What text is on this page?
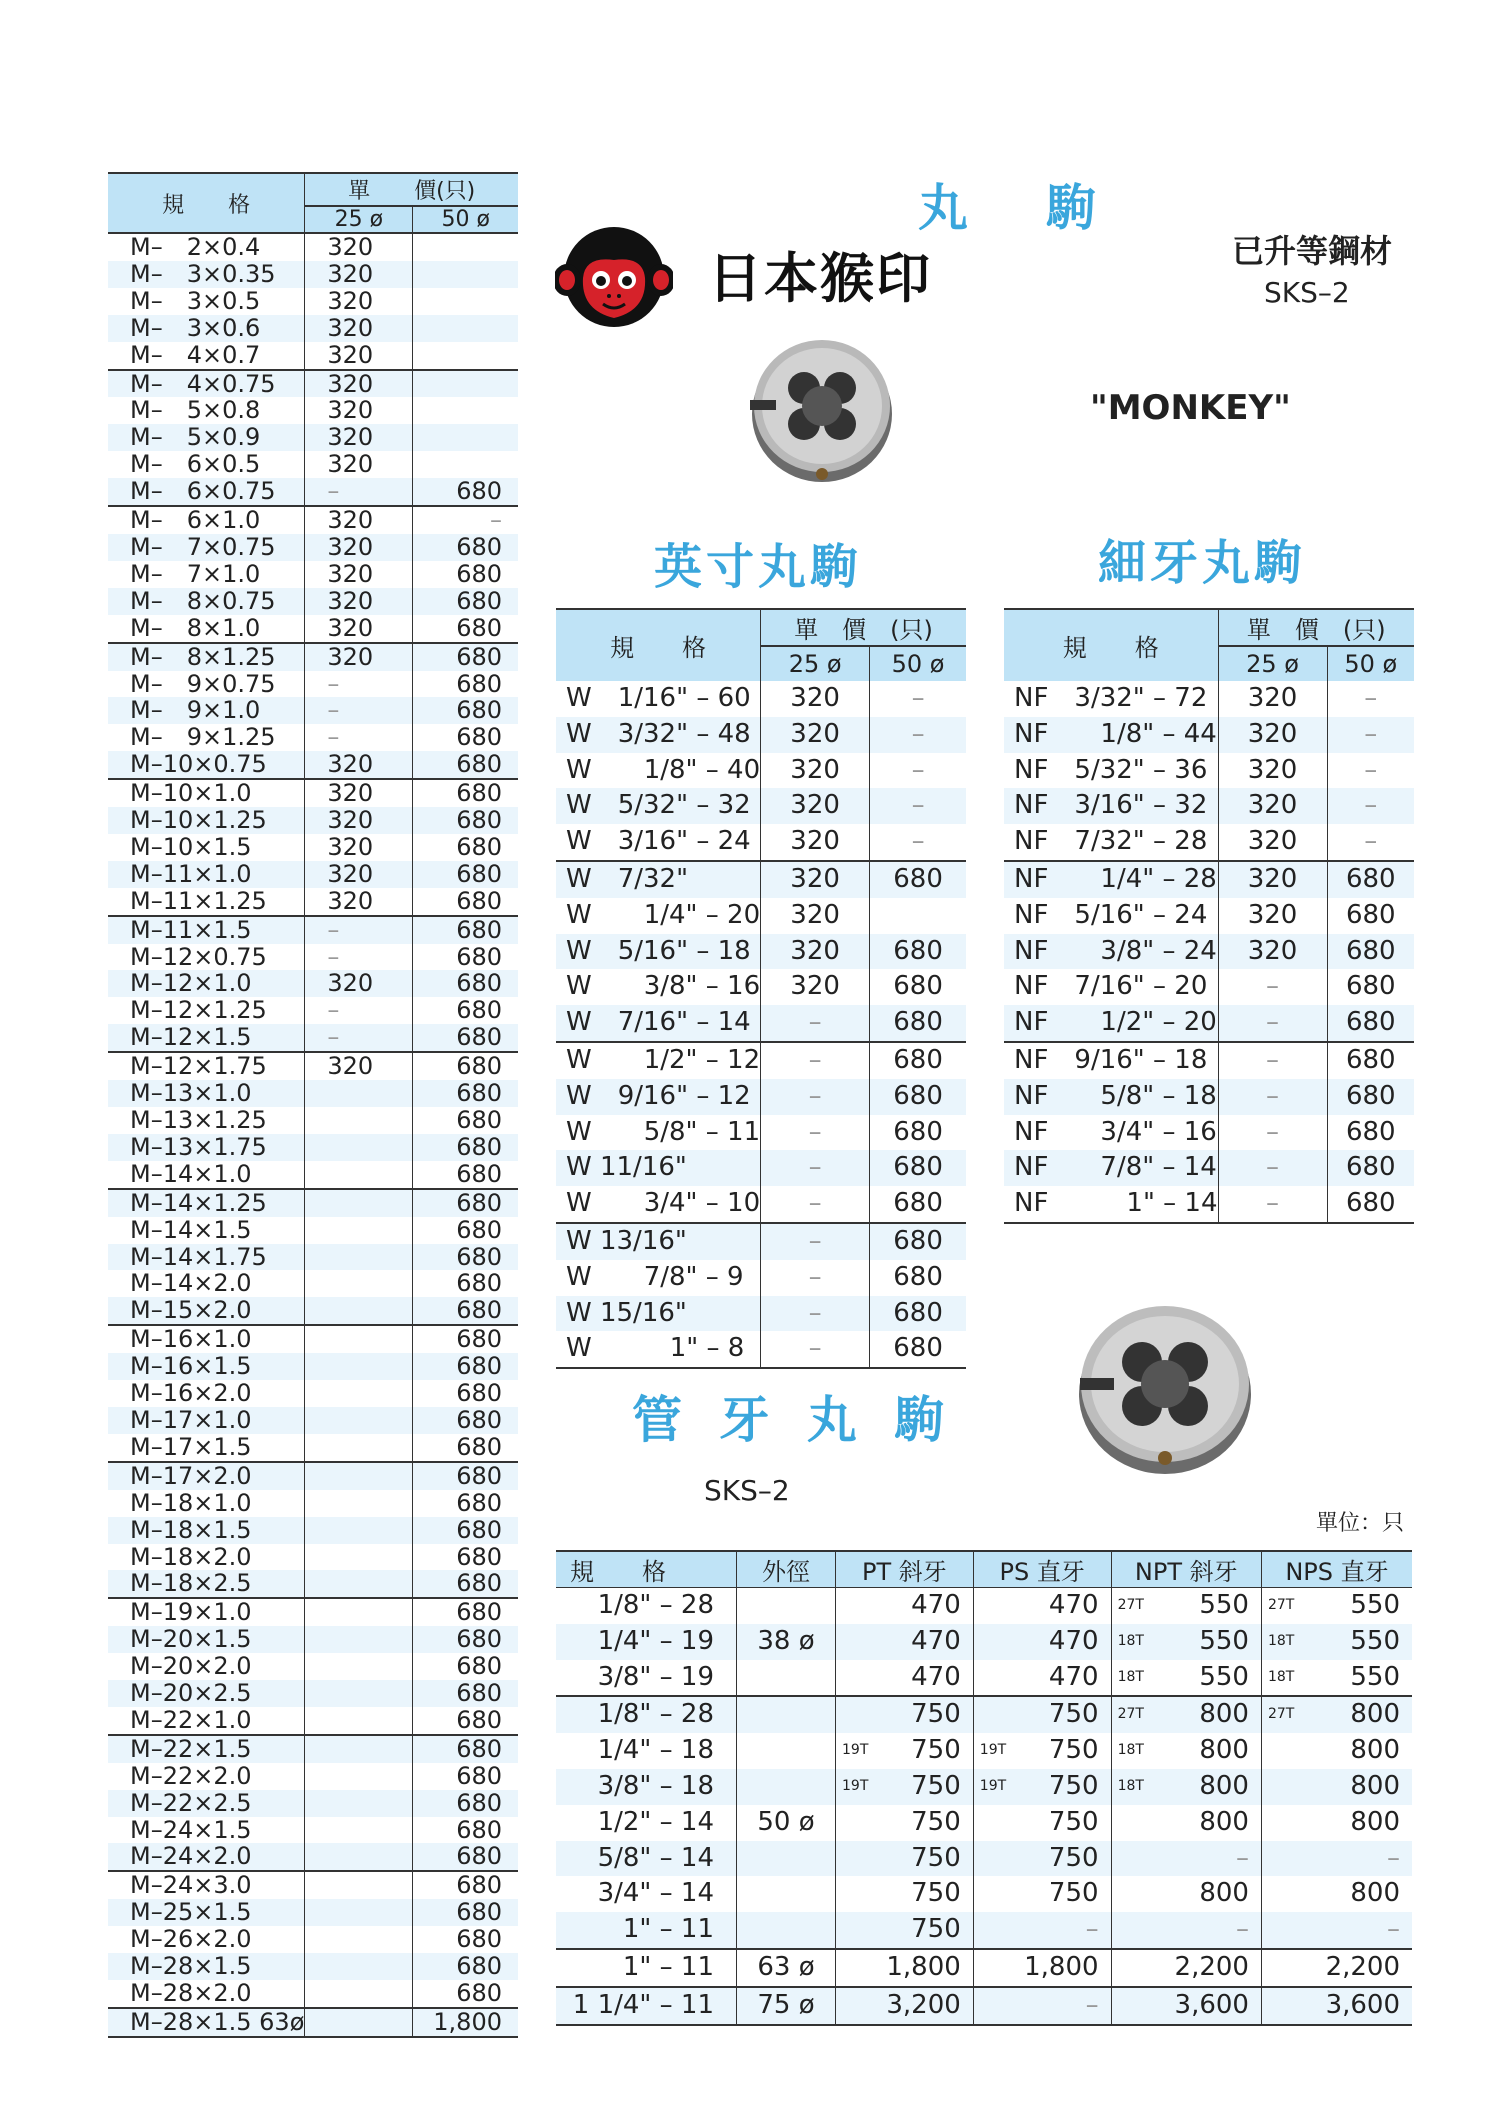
規　　格	單　　價(只)	
	25 ø	50 ø
M–　2×0.4	320	
M–　3×0.35	320	
M–　3×0.5	320	
M–　3×0.6	320	
M–　4×0.7	320	
M–　4×0.75	320	
M–　5×0.8	320	
M–　5×0.9	320	
M–　6×0.5	320	
M–　6×0.75	–	680
M–　6×1.0	320	–
M–　7×0.75	320	680
M–　7×1.0	320	680
M–　8×0.75	320	680
M–　8×1.0	320	680
M–　8×1.25	320	680
M–　9×0.75	–	680
M–　9×1.0	–	680
M–　9×1.25	–	680
M–10×0.75	320	680
M–10×1.0	320	680
M–10×1.25	320	680
M–10×1.5	320	680
M–11×1.0	320	680
M–11×1.25	320	680
M–11×1.5	–	680
M–12×0.75	–	680
M–12×1.0	320	680
M–12×1.25	–	680
M–12×1.5	–	680
M–12×1.75	320	680
M–13×1.0		680
M–13×1.25		680
M–13×1.75		680
M–14×1.0		680
M–14×1.25		680
M–14×1.5		680
M–14×1.75		680
M–14×2.0		680
M–15×2.0		680
M–16×1.0		680
M–16×1.5		680
M–16×2.0		680
M–17×1.0		680
M–17×1.5		680
M–17×2.0		680
M–18×1.0		680
M–18×1.5		680
M–18×2.0		680
M–18×2.5		680
M–19×1.0		680
M–20×1.5		680
M–20×2.0		680
M–20×2.5		680
M–22×1.0		680
M–22×1.5		680
M–22×2.0		680
M–22×2.5		680
M–24×1.5		680
M–24×2.0		680
M–24×3.0		680
M–25×1.5		680
M–26×2.0		680
M–28×1.5		680
M–28×2.0		680
M–28×1.5 63ø		1,800
丸　駒
日本猴印	已升等鋼材
SKS–2
"MONKEY"
英寸丸駒	細牙丸駒
規　　格	單　價　(只)	
	25 ø	50 ø
W　1/16" – 60	320	–
W　3/32" – 48	320	–
W　　1/8" – 40	320	–
W　5/32" – 32	320	–
W　3/16" – 24	320	–
W　7/32"	320	680
W　　1/4" – 20	320	
W　5/16" – 18	320	680
W　　3/8" – 16	320	680
W　7/16" – 14	–	680
W　　1/2" – 12	–	680
W　9/16" – 12	–	680
W　　5/8" – 11	–	680
W 11/16"	–	680
W　　3/4" – 10	–	680
W 13/16"	–	680
W　　7/8" – 9	–	680
W 15/16"	–	680
W　　　1" – 8	–	680
規　　格	單　價　(只)	
	25 ø	50 ø
NF　3/32" – 72	320	–
NF　　1/8" – 44	320	–
NF　5/32" – 36	320	–
NF　3/16" – 32	320	–
NF　7/32" – 28	320	–
NF　　1/4" – 28	320	680
NF　5/16" – 24	320	680
NF　　3/8" – 24	320	680
NF　7/16" – 20	–	680
NF　　1/2" – 20	–	680
NF　9/16" – 18	–	680
NF　　5/8" – 18	–	680
NF　　3/4" – 16	–	680
NF　　7/8" – 14	–	680
NF　　　1" – 14	–	680
管 牙 丸 駒
SKS–2
單位：只
規　　格	外徑	PT 斜牙	PS 直牙	NPT 斜牙	NPS 直牙
1/8" – 28		470	470	27T 550	27T 550
1/4" – 19	38 ø	470	470	18T 550	18T 550
3/8" – 19		470	470	18T 550	18T 550
1/8" – 28		750	750	27T 800	27T 800
1/4" – 18		19T 750	19T 750	18T 800	800
3/8" – 18		19T 750	19T 750	18T 800	800
1/2" – 14	50 ø	750	750	800	800
5/8" – 14		750	750	–	–
3/4" – 14		750	750	800	800
1" – 11		750	–	–	–
1" – 11	63 ø	1,800	1,800	2,200	2,200
1 1/4" – 11	75 ø	3,200	–	3,600	3,600
